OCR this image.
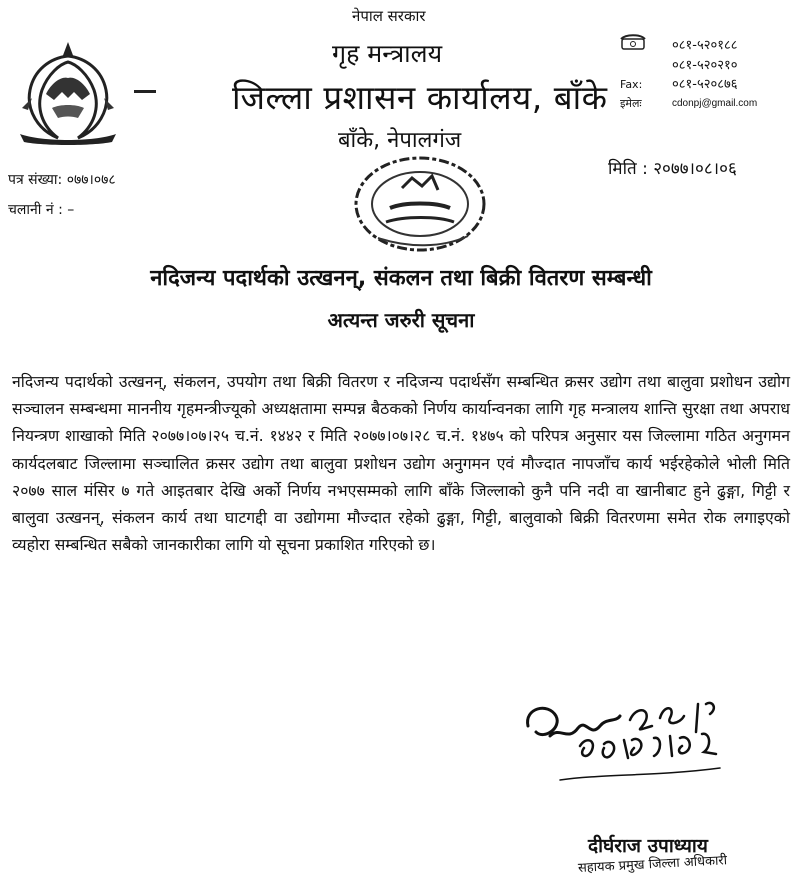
नेपाल सरकार
गृह मन्त्रालय
जिल्ला प्रशासन कार्यालय, बाँके
बाँके, नेपालगंज
०८१-५२०१८८
०८१-५२०२१०
Fax:	०८१-५२०८७६
इमेलः	cdonpj@gmail.com
पत्र संख्या: ०७७।०७८
चलानी नं : –
मिति : २०७७।०८।०६
नदिजन्य पदार्थको उत्खनन्, संकलन तथा बिक्री वितरण सम्बन्धी
अत्यन्त जरुरी सूचना
नदिजन्य पदार्थको उत्खनन्, संकलन, उपयोग तथा बिक्री वितरण र नदिजन्य पदार्थसँग सम्बन्धित क्रसर उद्योग तथा बालुवा प्रशोधन उद्योग सञ्चालन सम्बन्धमा माननीय गृहमन्त्रीज्यूको अध्यक्षतामा सम्पन्न बैठकको निर्णय कार्यान्वनका लागि गृह मन्त्रालय शान्ति सुरक्षा तथा अपराध नियन्त्रण शाखाको मिति २०७७।०७।२५ च.नं. १४४२ र मिति २०७७।०७।२८ च.नं. १४७५ को परिपत्र अनुसार यस जिल्लामा गठित अनुगमन कार्यदलबाट जिल्लामा सञ्चालित क्रसर उद्योग तथा बालुवा प्रशोधन उद्योग अनुगमन एवं मौज्दात नापजाँच कार्य भईरहेकोले भोली मिति २०७७ साल मंसिर ७ गते आइतबार देखि अर्को निर्णय नभएसम्मको लागि बाँके जिल्लाको कुनै पनि नदी वा खानीबाट हुने ढुङ्गा, गिट्टी र बालुवा उत्खनन्, संकलन कार्य तथा घाटगद्दी वा उद्योगमा मौज्दात रहेको ढुङ्गा, गिट्टी, बालुवाको बिक्री वितरणमा समेत रोक लगाइएको व्यहोरा सम्बन्धित सबैको जानकारीका लागि यो सूचना प्रकाशित गरिएको छ।
दीर्घराज उपाध्याय
सहायक प्रमुख जिल्ला अधिकारी
